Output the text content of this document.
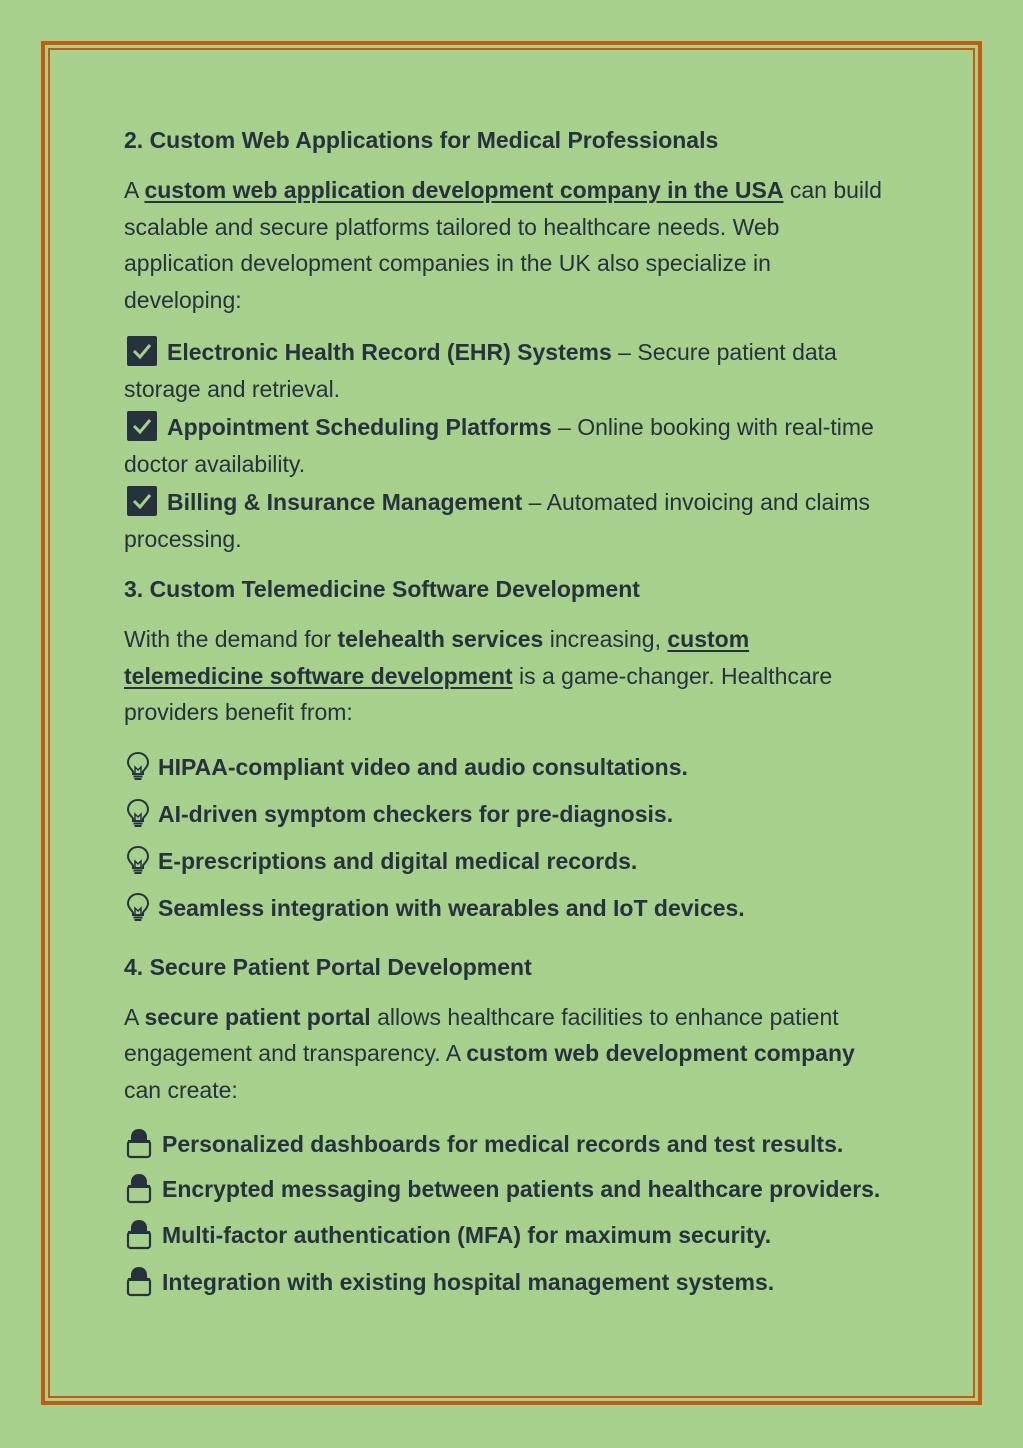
2. Custom Web Applications for Medical Professionals

A custom web application development company in the USA can build scalable and secure platforms tailored to healthcare needs. Web application development companies in the UK also specialize in developing:

Electronic Health Record (EHR) Systems – Secure patient data storage and retrieval.

Appointment Scheduling Platforms – Online booking with real-time doctor availability.

Billing & Insurance Management – Automated invoicing and claims processing.

3. Custom Telemedicine Software Development

With the demand for telehealth services increasing, custom telemedicine software development is a game-changer. Healthcare providers benefit from:

HIPAA-compliant video and audio consultations.

AI-driven symptom checkers for pre-diagnosis.

E-prescriptions and digital medical records.

Seamless integration with wearables and IoT devices.

4. Secure Patient Portal Development

A secure patient portal allows healthcare facilities to enhance patient engagement and transparency. A custom web development company can create:

Personalized dashboards for medical records and test results.

Encrypted messaging between patients and healthcare providers.

Multi-factor authentication (MFA) for maximum security.

Integration with existing hospital management systems.
